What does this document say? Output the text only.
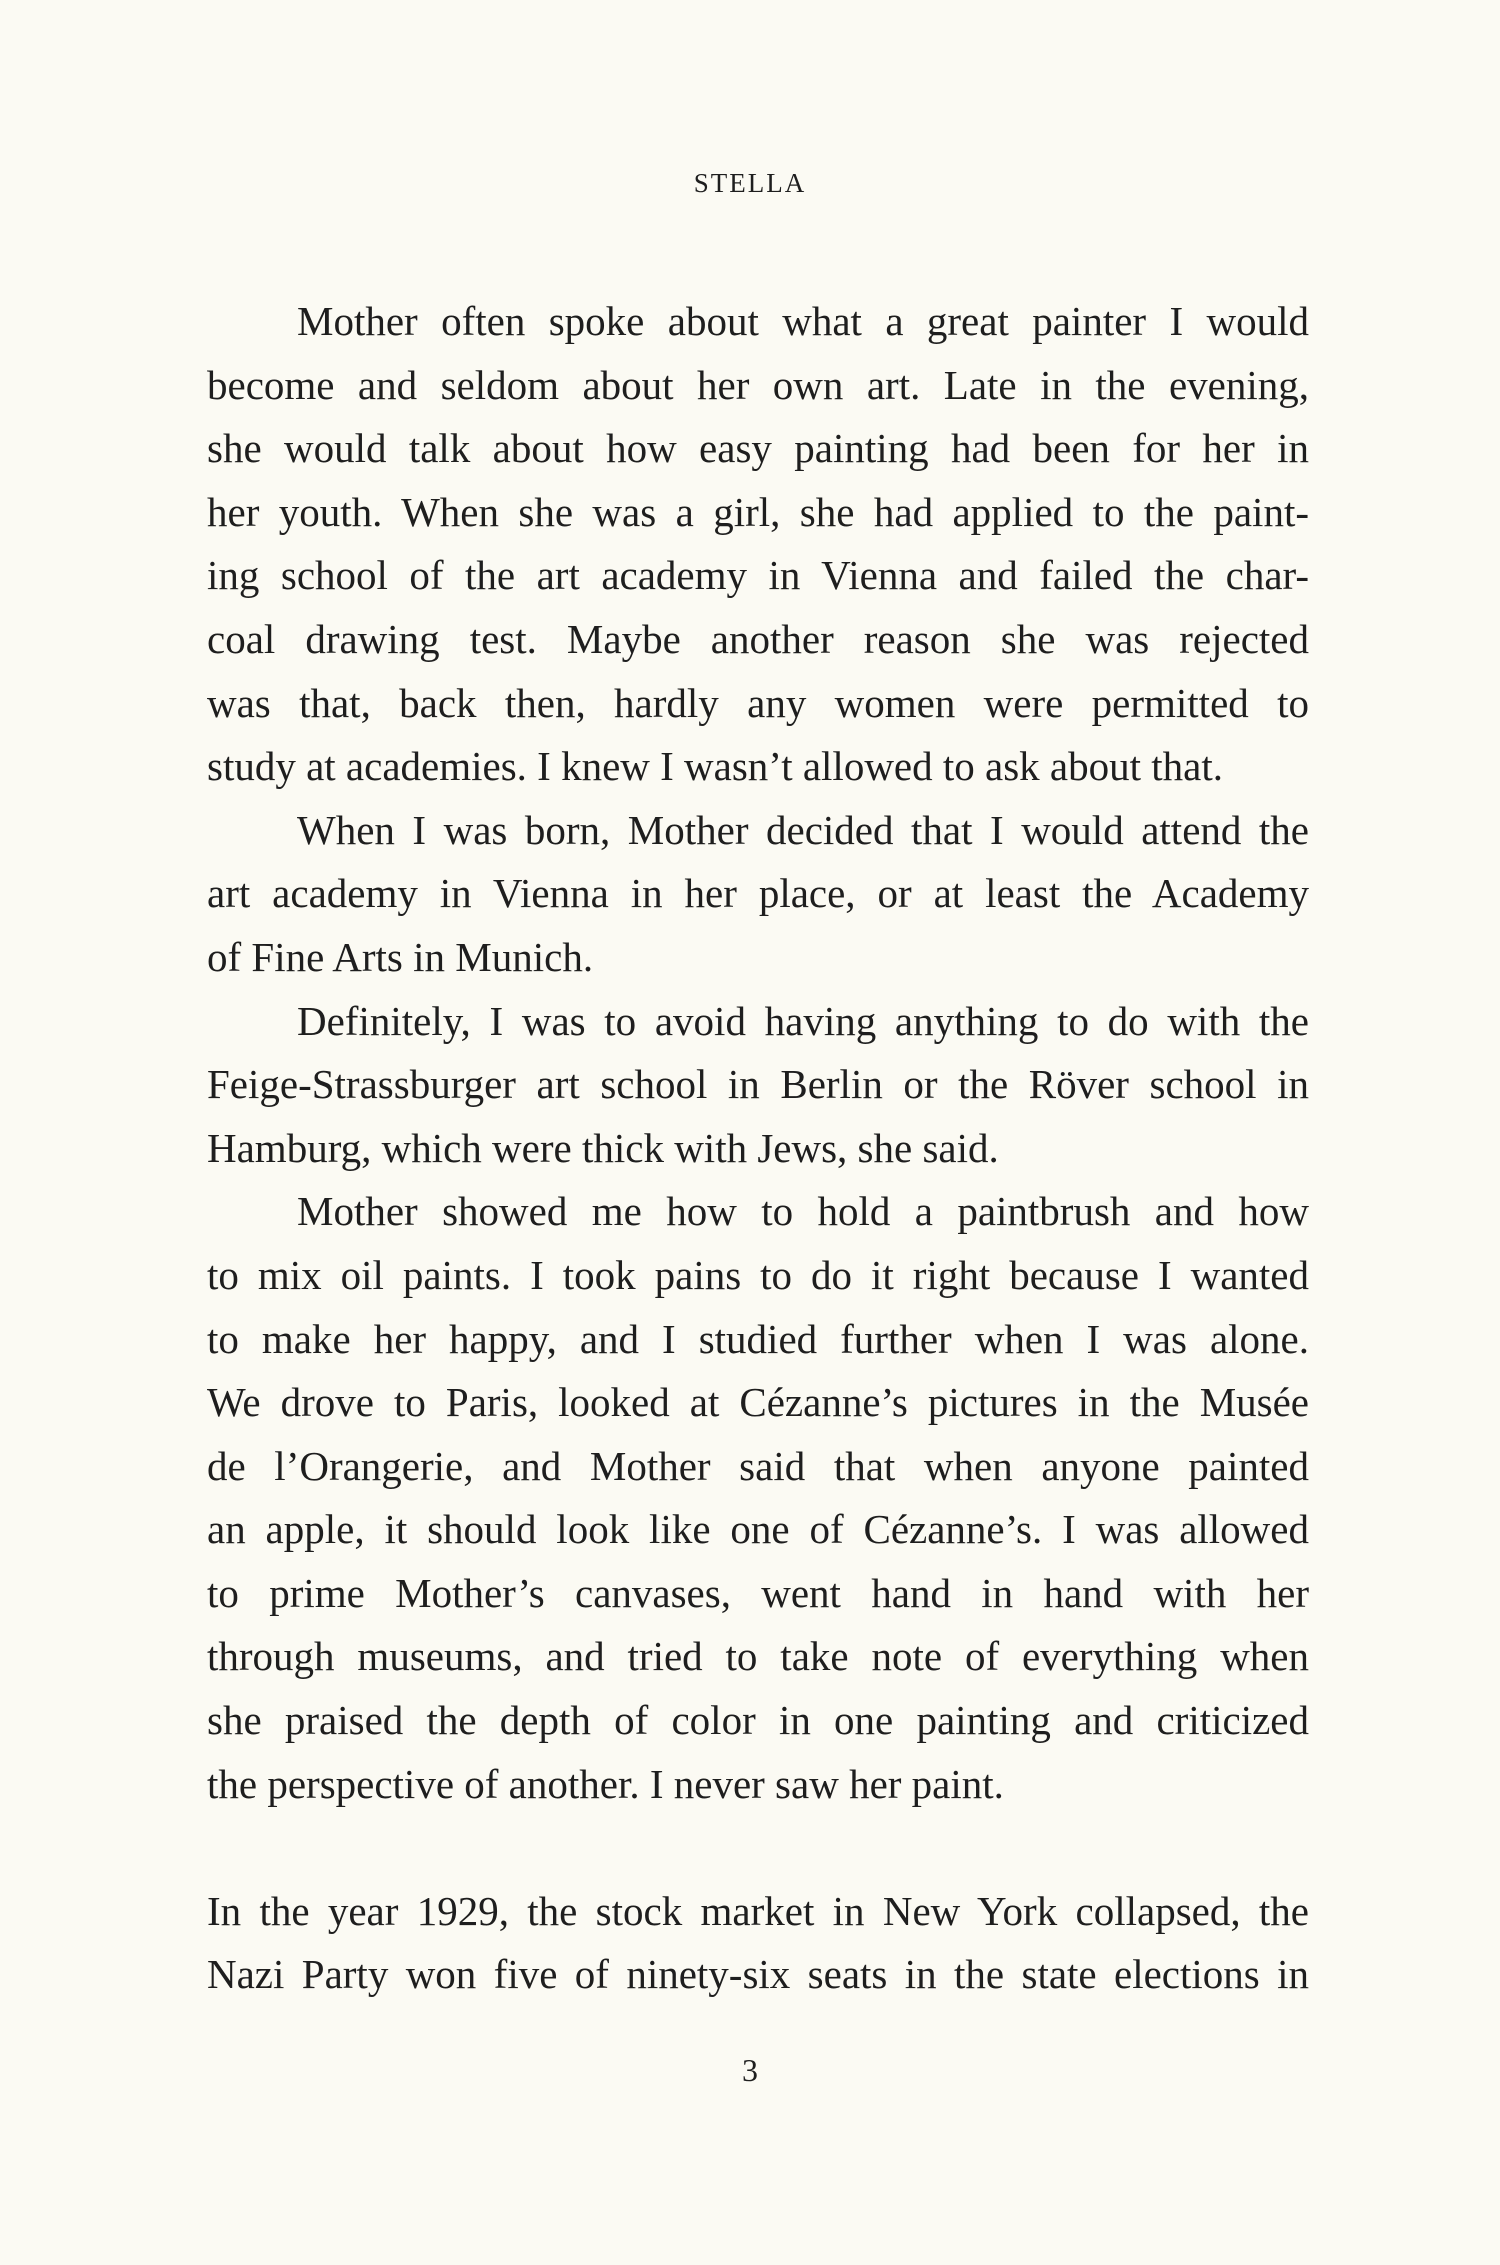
STELLA
Mother often spoke about what a great painter I would
become and seldom about her own art. Late in the evening,
she would talk about how easy painting had been for her in
her youth. When she was a girl, she had applied to the paint-
ing school of the art academy in Vienna and failed the char-
coal drawing test. Maybe another reason she was rejected
was that, back then, hardly any women were permitted to
study at academies. I knew I wasn’t allowed to ask about that.
When I was born, Mother decided that I would attend the
art academy in Vienna in her place, or at least the Academy
of Fine Arts in Munich.
Definitely, I was to avoid having anything to do with the
Feige-Strassburger art school in Berlin or the Röver school in
Hamburg, which were thick with Jews, she said.
Mother showed me how to hold a paintbrush and how
to mix oil paints. I took pains to do it right because I wanted
to make her happy, and I studied further when I was alone.
We drove to Paris, looked at Cézanne’s pictures in the Musée
de l’Orangerie, and Mother said that when anyone painted
an apple, it should look like one of Cézanne’s. I was allowed
to prime Mother’s canvases, went hand in hand with her
through museums, and tried to take note of everything when
she praised the depth of color in one painting and criticized
the perspective of another. I never saw her paint.
In the year 1929, the stock market in New York collapsed, the
Nazi Party won five of ninety-six seats in the state elections in
3
